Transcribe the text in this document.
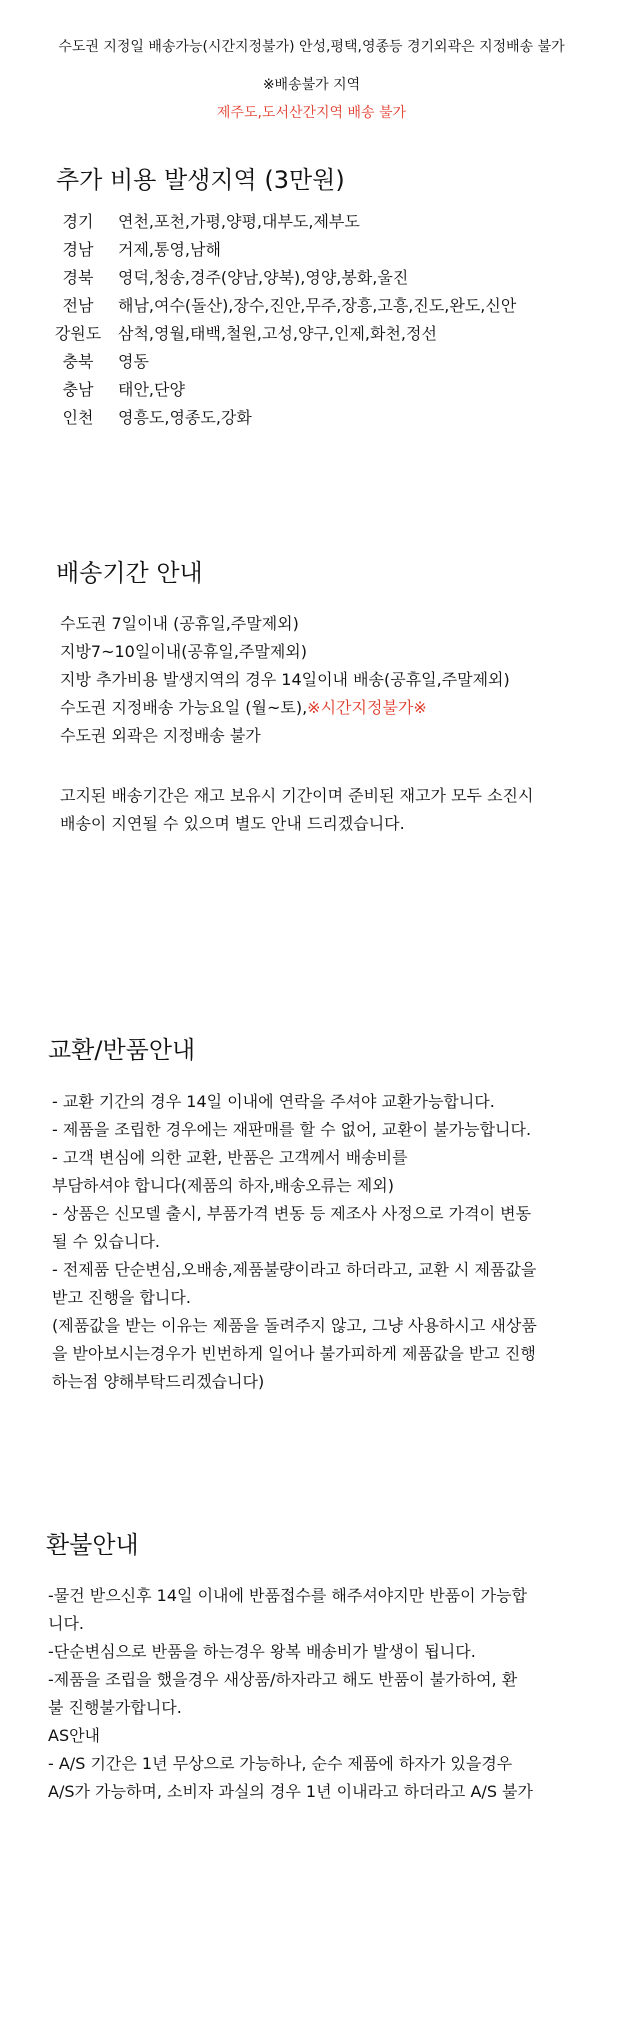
수도권 지정일 배송가능(시간지정불가) 안성,평택,영종등 경기외곽은 지정배송 불가
※배송불가 지역
제주도,도서산간지역 배송 불가
추가 비용 발생지역 (3만원)
경기 연천,포천,가평,양평,대부도,제부도
경남 거제,통영,남해
경북 영덕,청송,경주(양남,양북),영양,봉화,울진
전남 해남,여수(돌산),장수,진안,무주,장흥,고흥,진도,완도,신안
강원도 삼척,영월,태백,철원,고성,양구,인제,화천,정선
충북 영동
충남 태안,단양
인천 영흥도,영종도,강화
배송기간 안내
수도권 7일이내 (공휴일,주말제외)
지방7~10일이내(공휴일,주말제외)
지방 추가비용 발생지역의 경우 14일이내 배송(공휴일,주말제외)
수도권 지정배송 가능요일 (월~토),※시간지정불가※
수도권 외곽은 지정배송 불가
고지된 배송기간은 재고 보유시 기간이며 준비된 재고가 모두 소진시
배송이 지연될 수 있으며 별도 안내 드리겠습니다.
교환/반품안내
- 교환 기간의 경우 14일 이내에 연락을 주셔야 교환가능합니다.
- 제품을 조립한 경우에는 재판매를 할 수 없어, 교환이 불가능합니다.
- 고객 변심에 의한 교환, 반품은 고객께서 배송비를
부담하셔야 합니다(제품의 하자,배송오류는 제외)
- 상품은 신모델 출시, 부품가격 변동 등 제조사 사정으로 가격이 변동
될 수 있습니다.
- 전제품 단순변심,오배송,제품불량이라고 하더라고, 교환 시 제품값을
받고 진행을 합니다.
(제품값을 받는 이유는 제품을 돌려주지 않고, 그냥 사용하시고 새상품
을 받아보시는경우가 빈번하게 일어나 불가피하게 제품값을 받고 진행
하는점 양해부탁드리겠습니다)
환불안내
-물건 받으신후 14일 이내에 반품접수를 해주셔야지만 반품이 가능합
니다.
-단순변심으로 반품을 하는경우 왕복 배송비가 발생이 됩니다.
-제품을 조립을 했을경우 새상품/하자라고 해도 반품이 불가하여, 환
불 진행불가합니다.
AS안내
- A/S 기간은 1년 무상으로 가능하나, 순수 제품에 하자가 있을경우
A/S가 가능하며, 소비자 과실의 경우 1년 이내라고 하더라고 A/S 불가
